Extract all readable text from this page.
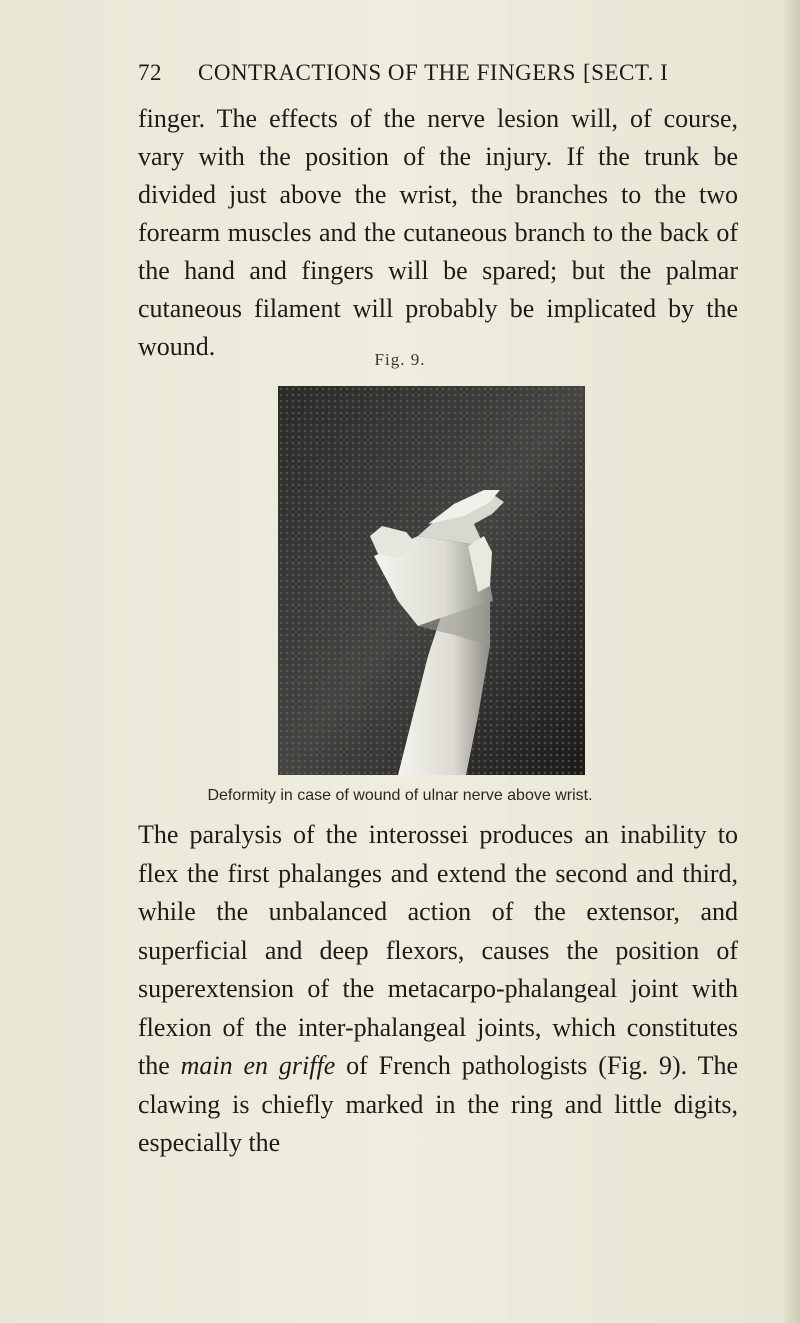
72 CONTRACTIONS OF THE FINGERS [SECT. I

finger. The effects of the nerve lesion will, of course, vary with the position of the injury. If the trunk be divided just above the wrist, the branches to the two forearm muscles and the cutaneous branch to the back of the hand and fingers will be spared; but the palmar cutaneous filament will probably be implicated by the wound.	Fig. 9.
Deformity in case of wound of ulnar nerve above wrist.

The paralysis of the interossei produces an inability to flex the first phalanges and extend the second and third, while the unbalanced action of the extensor, and superficial and deep flexors, causes the position of superextension of the metacarpo-phalangeal joint with flexion of the inter-phalangeal joints, which constitutes the main en griffe of French pathologists (Fig. 9). The clawing is chiefly marked in the ring and little digits, especially the
